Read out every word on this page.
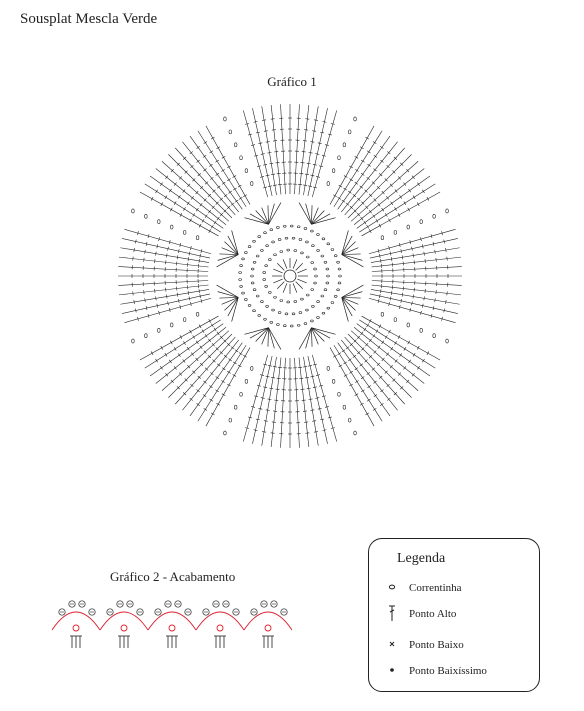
Sousplat Mescla Verde
Gráfico 1
Gráfico 2 - Acabamento
Legenda
Correntinha
Ponto Alto
Ponto Baixo
Ponto Baixíssimo
